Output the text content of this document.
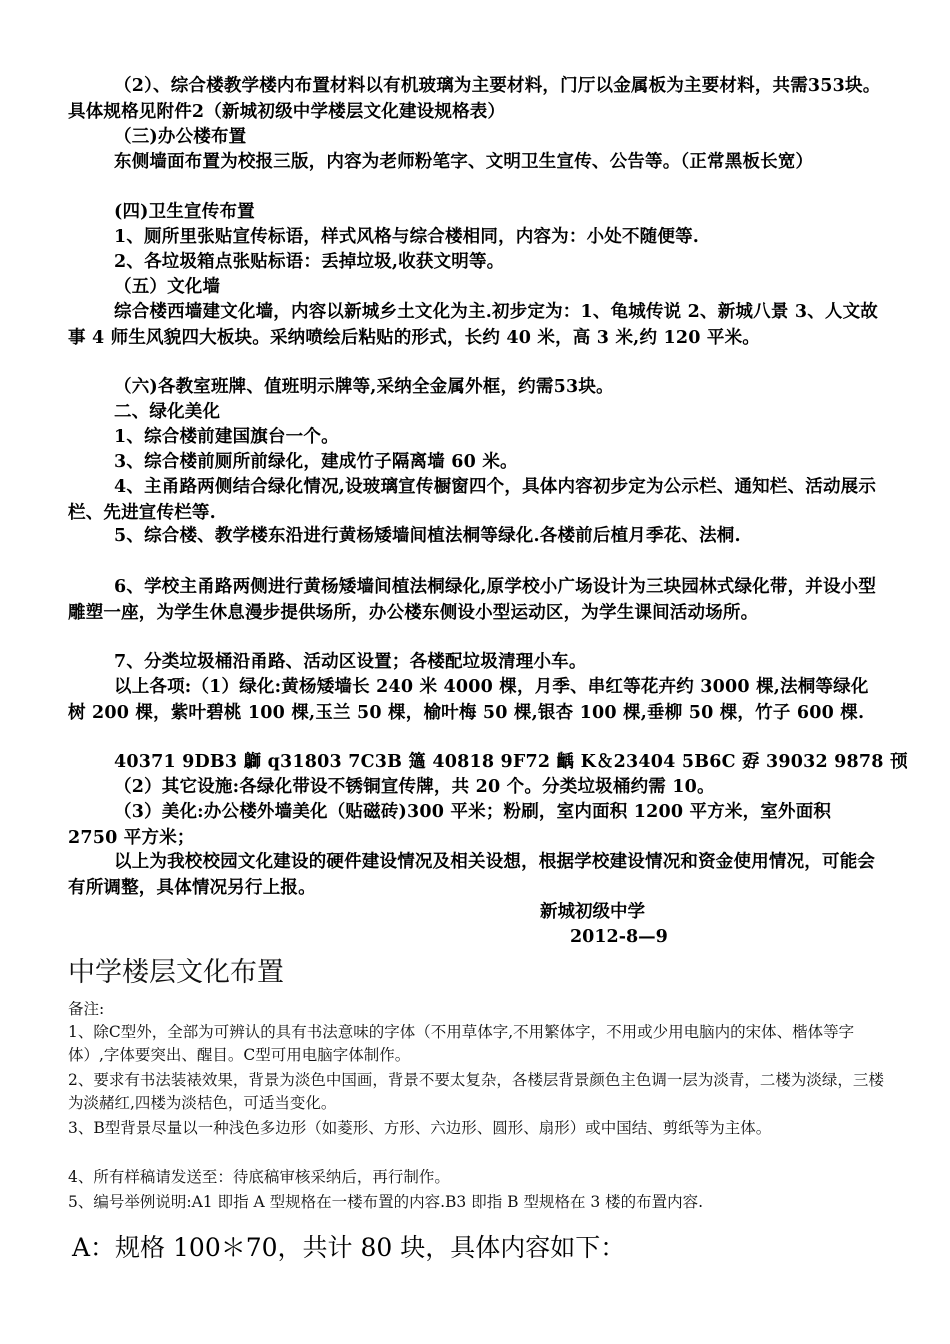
（2）、综合楼教学楼内布置材料以有机玻璃为主要材料，门厅以金属板为主要材料，共需353块。具体规格见附件2（新城初级中学楼层文化建设规格表）
（三)办公楼布置
东侧墙面布置为校报三版，内容为老师粉笔字、文明卫生宣传、公告等。（正常黑板长宽）
(四)卫生宣传布置
1、厕所里张贴宣传标语，样式风格与综合楼相同，内容为：小处不随便等.
2、各垃圾箱点张贴标语：丢掉垃圾,收获文明等。
（五）文化墙
综合楼西墙建文化墙，内容以新城乡土文化为主.初步定为：1、龟城传说 2、新城八景 3、人文故事 4 师生风貌四大板块。采纳喷绘后粘贴的形式，长约 40 米，高 3 米,约 120 平米。
（六)各教室班牌、值班明示牌等,采纳全金属外框，约需53块。
二、绿化美化
1、综合楼前建国旗台一个。
3、综合楼前厕所前绿化，建成竹子隔离墙 60 米。
4、主甬路两侧结合绿化情况,设玻璃宣传橱窗四个，具体内容初步定为公示栏、通知栏、活动展示栏、先进宣传栏等.
5、综合楼、教学楼东沿进行黄杨矮墙间植法桐等绿化.各楼前后植月季花、法桐.
6、学校主甬路两侧进行黄杨矮墙间植法桐绿化,原学校小广场设计为三块园林式绿化带，并设小型雕塑一座，为学生休息漫步提供场所，办公楼东侧设小型运动区，为学生课间活动场所。
7、分类垃圾桶沿甬路、活动区设置；各楼配垃圾清理小车。
以上各项:（1）绿化:黄杨矮墙长 240 米 4000 棵，月季、串红等花卉约 3000 棵,法桐等绿化树 200 棵，紫叶碧桃 100 棵,玉兰 50 棵，榆叶梅 50 棵,银杏 100 棵,垂柳 50 棵，竹子 600 棵.
40371 9DB3 鶳 q31803 7C3B 簻 40818 9F72 齲 K＆23404 5B6C 孬 39032 9878 顸
（2）其它设施:各绿化带设不锈铜宣传牌，共 20 个。分类垃圾桶约需 10。
（3）美化:办公楼外墙美化（贴磁砖)300 平米；粉刷，室内面积 1200 平方米，室外面积 2750 平方米；
以上为我校校园文化建设的硬件建设情况及相关设想，根据学校建设情况和资金使用情况，可能会有所调整，具体情况另行上报。
新城初级中学
2012-8—9
中学楼层文化布置
备注:
1、除C型外，全部为可辨认的具有书法意味的字体（不用草体字,不用繁体字，不用或少用电脑内的宋体、楷体等字体）,字体要突出、醒目。C型可用电脑字体制作。
2、要求有书法装裱效果，背景为淡色中国画，背景不要太复杂，各楼层背景颜色主色调一层为淡青，二楼为淡绿，三楼为淡赭红,四楼为淡桔色，可适当变化。
3、B型背景尽量以一种浅色多边形（如菱形、方形、六边形、圆形、扇形）或中国结、剪纸等为主体。
4、所有样稿请发送至：待底稿审核采纳后，再行制作。
5、编号举例说明:A1 即指 A 型规格在一楼布置的内容.B3 即指 B 型规格在 3 楼的布置内容.
A：规格 100＊70，共计 80 块，具体内容如下：
